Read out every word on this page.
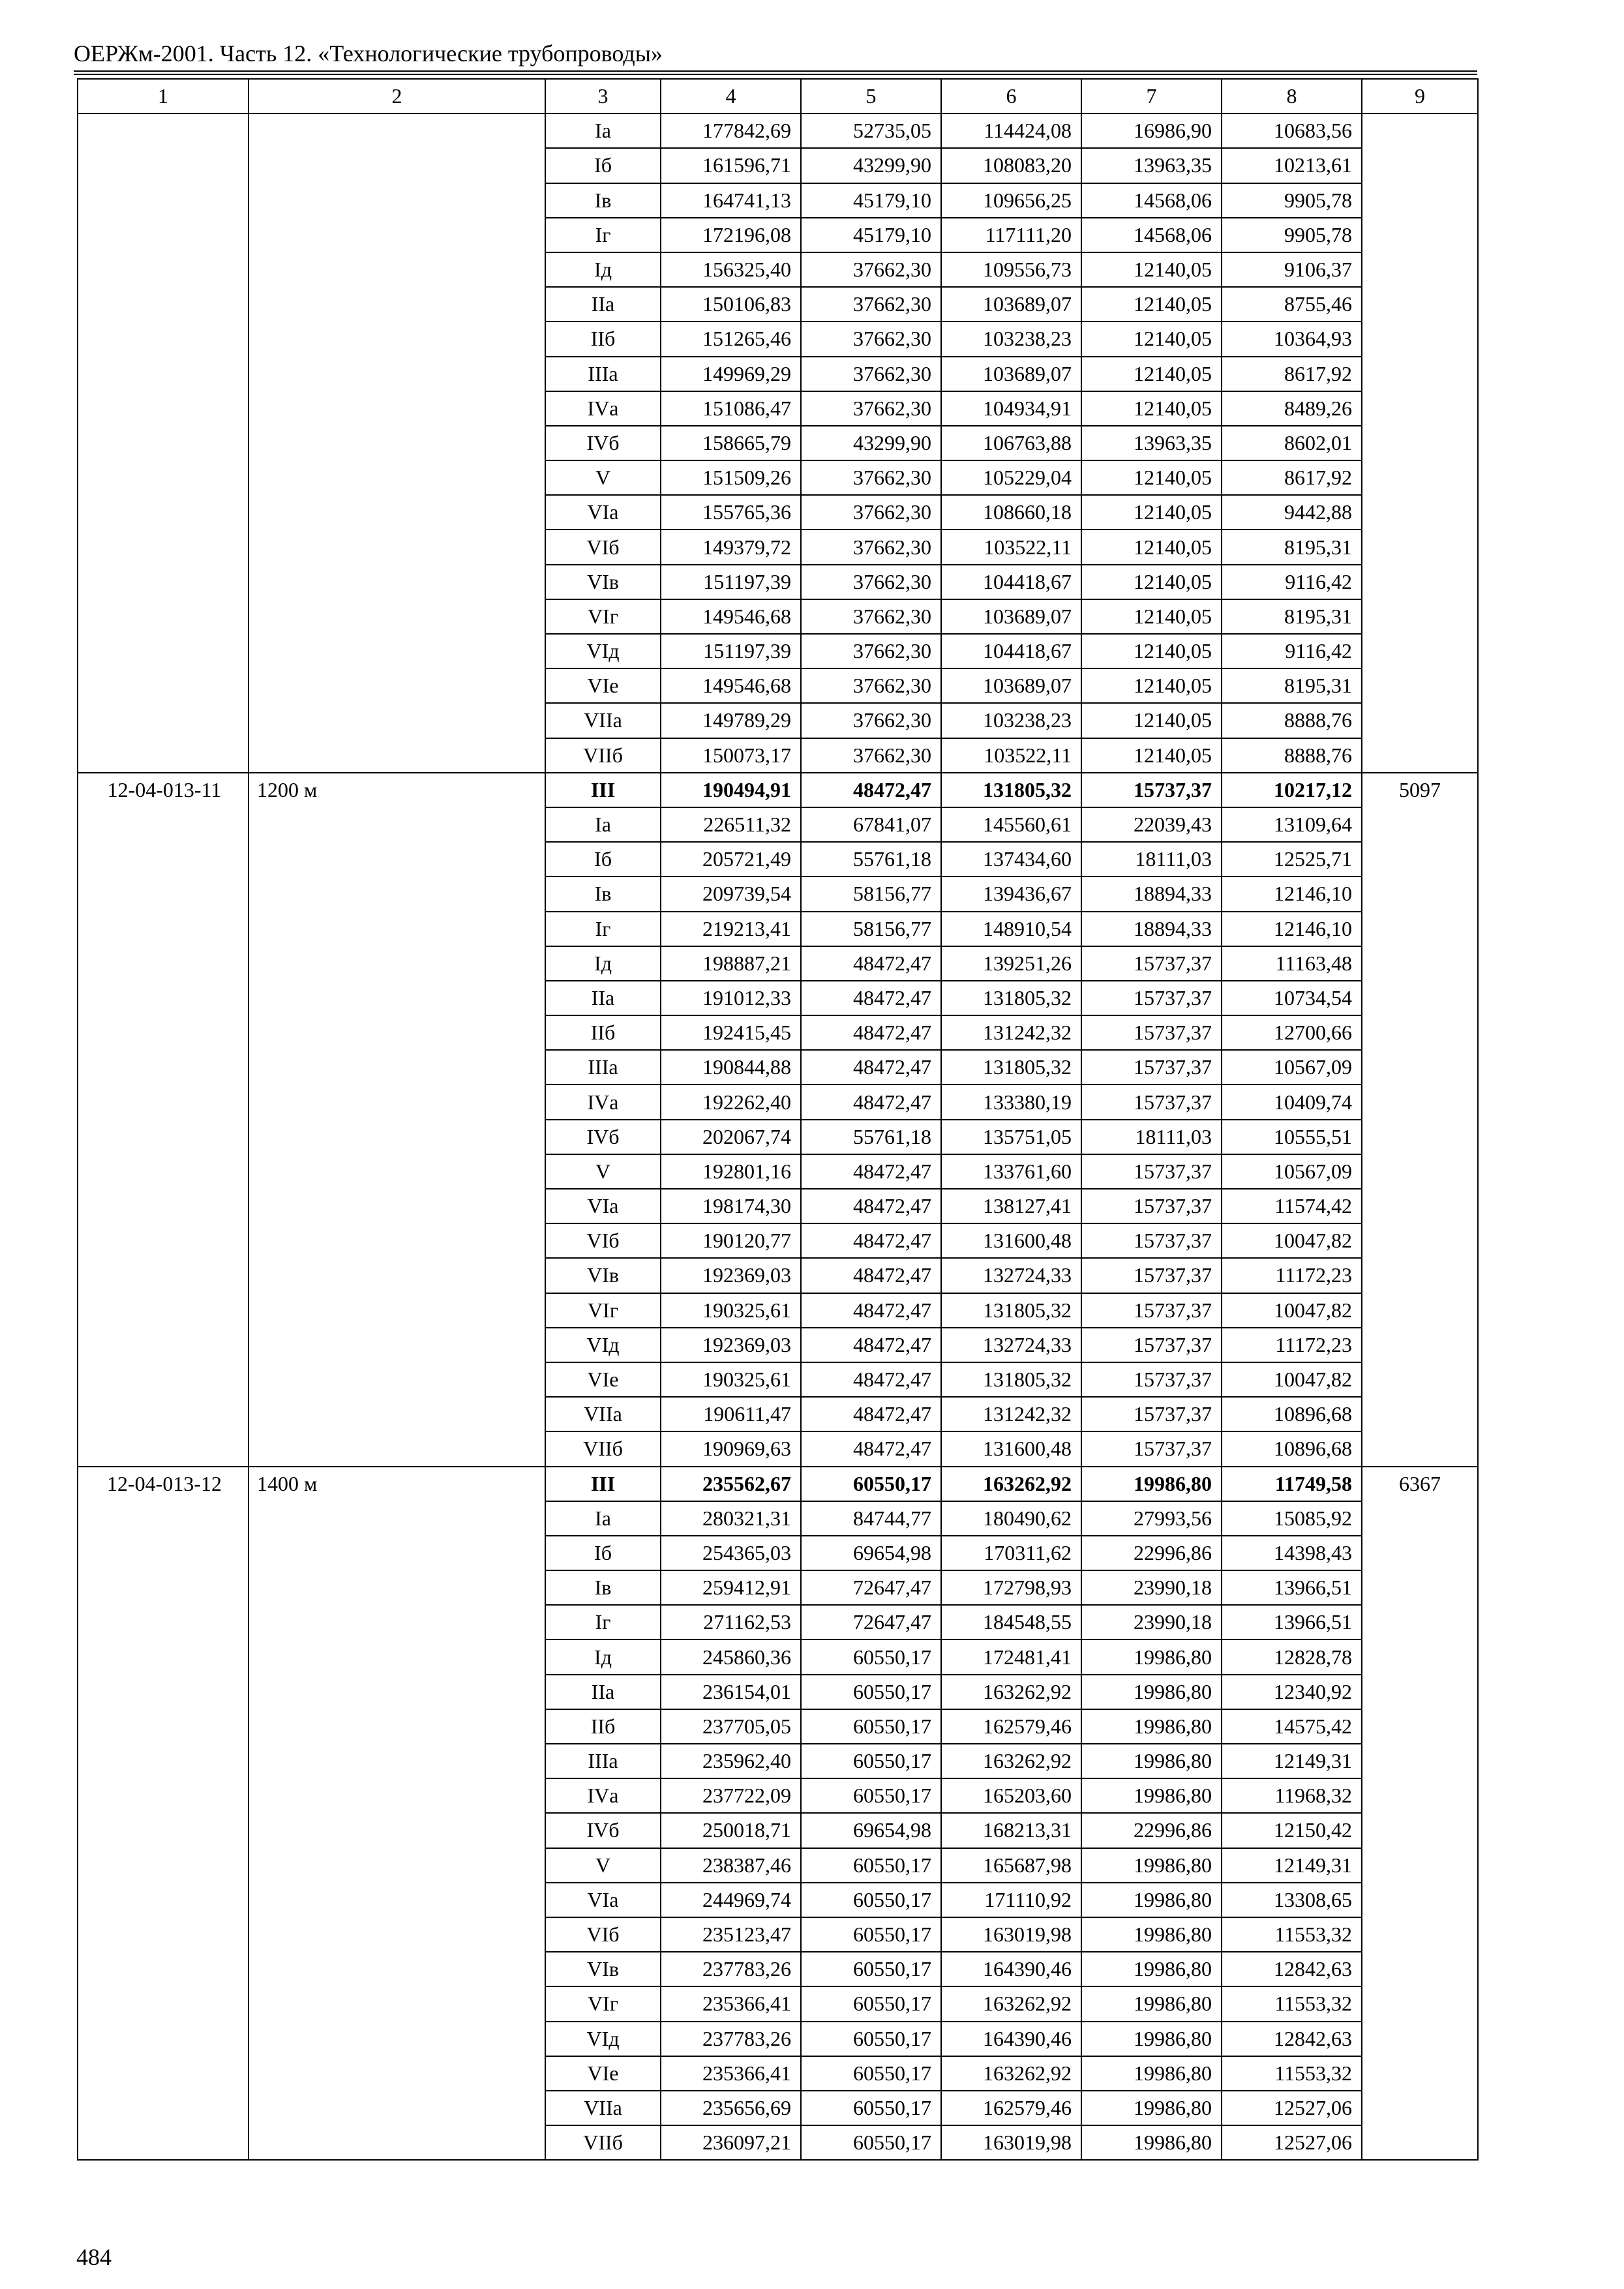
ОЕРЖм-2001. Часть 12. «Технологические трубопроводы»
1	2	3	4	5	6	7	8	9
		Iа	177842,69	52735,05	114424,08	16986,90	10683,56	
		Iб	161596,71	43299,90	108083,20	13963,35	10213,61	
		Iв	164741,13	45179,10	109656,25	14568,06	9905,78	
		Iг	172196,08	45179,10	117111,20	14568,06	9905,78	
		Iд	156325,40	37662,30	109556,73	12140,05	9106,37	
		IIа	150106,83	37662,30	103689,07	12140,05	8755,46	
		IIб	151265,46	37662,30	103238,23	12140,05	10364,93	
		IIIа	149969,29	37662,30	103689,07	12140,05	8617,92	
		IVа	151086,47	37662,30	104934,91	12140,05	8489,26	
		IVб	158665,79	43299,90	106763,88	13963,35	8602,01	
		V	151509,26	37662,30	105229,04	12140,05	8617,92	
		VIа	155765,36	37662,30	108660,18	12140,05	9442,88	
		VIб	149379,72	37662,30	103522,11	12140,05	8195,31	
		VIв	151197,39	37662,30	104418,67	12140,05	9116,42	
		VIг	149546,68	37662,30	103689,07	12140,05	8195,31	
		VIд	151197,39	37662,30	104418,67	12140,05	9116,42	
		VIе	149546,68	37662,30	103689,07	12140,05	8195,31	
		VIIа	149789,29	37662,30	103238,23	12140,05	8888,76	
		VIIб	150073,17	37662,30	103522,11	12140,05	8888,76	
12-04-013-11	1200 м	III	190494,91	48472,47	131805,32	15737,37	10217,12	5097
		Iа	226511,32	67841,07	145560,61	22039,43	13109,64	
		Iб	205721,49	55761,18	137434,60	18111,03	12525,71	
		Iв	209739,54	58156,77	139436,67	18894,33	12146,10	
		Iг	219213,41	58156,77	148910,54	18894,33	12146,10	
		Iд	198887,21	48472,47	139251,26	15737,37	11163,48	
		IIа	191012,33	48472,47	131805,32	15737,37	10734,54	
		IIб	192415,45	48472,47	131242,32	15737,37	12700,66	
		IIIа	190844,88	48472,47	131805,32	15737,37	10567,09	
		IVа	192262,40	48472,47	133380,19	15737,37	10409,74	
		IVб	202067,74	55761,18	135751,05	18111,03	10555,51	
		V	192801,16	48472,47	133761,60	15737,37	10567,09	
		VIа	198174,30	48472,47	138127,41	15737,37	11574,42	
		VIб	190120,77	48472,47	131600,48	15737,37	10047,82	
		VIв	192369,03	48472,47	132724,33	15737,37	11172,23	
		VIг	190325,61	48472,47	131805,32	15737,37	10047,82	
		VIд	192369,03	48472,47	132724,33	15737,37	11172,23	
		VIе	190325,61	48472,47	131805,32	15737,37	10047,82	
		VIIа	190611,47	48472,47	131242,32	15737,37	10896,68	
		VIIб	190969,63	48472,47	131600,48	15737,37	10896,68	
12-04-013-12	1400 м	III	235562,67	60550,17	163262,92	19986,80	11749,58	6367
		Iа	280321,31	84744,77	180490,62	27993,56	15085,92	
		Iб	254365,03	69654,98	170311,62	22996,86	14398,43	
		Iв	259412,91	72647,47	172798,93	23990,18	13966,51	
		Iг	271162,53	72647,47	184548,55	23990,18	13966,51	
		Iд	245860,36	60550,17	172481,41	19986,80	12828,78	
		IIа	236154,01	60550,17	163262,92	19986,80	12340,92	
		IIб	237705,05	60550,17	162579,46	19986,80	14575,42	
		IIIа	235962,40	60550,17	163262,92	19986,80	12149,31	
		IVа	237722,09	60550,17	165203,60	19986,80	11968,32	
		IVб	250018,71	69654,98	168213,31	22996,86	12150,42	
		V	238387,46	60550,17	165687,98	19986,80	12149,31	
		VIа	244969,74	60550,17	171110,92	19986,80	13308,65	
		VIб	235123,47	60550,17	163019,98	19986,80	11553,32	
		VIв	237783,26	60550,17	164390,46	19986,80	12842,63	
		VIг	235366,41	60550,17	163262,92	19986,80	11553,32	
		VIд	237783,26	60550,17	164390,46	19986,80	12842,63	
		VIе	235366,41	60550,17	163262,92	19986,80	11553,32	
		VIIа	235656,69	60550,17	162579,46	19986,80	12527,06	
		VIIб	236097,21	60550,17	163019,98	19986,80	12527,06	
484
